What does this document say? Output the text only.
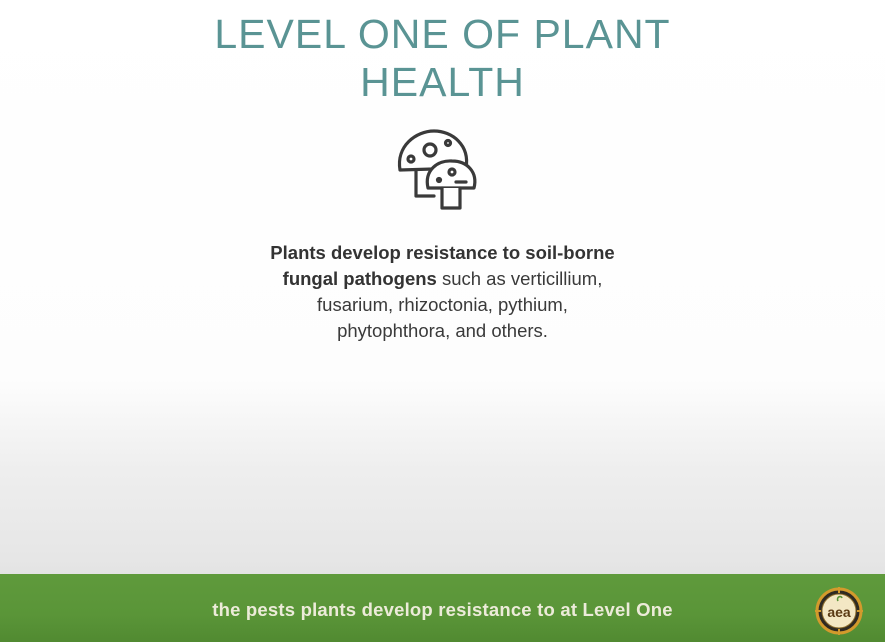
LEVEL ONE OF PLANT
HEALTH

Plants develop resistance to soil-borne
fungal pathogens such as verticillium,
fusarium, rhizoctonia, pythium,
phytophthora, and others.

the pests plants develop resistance to at Level One	aea
